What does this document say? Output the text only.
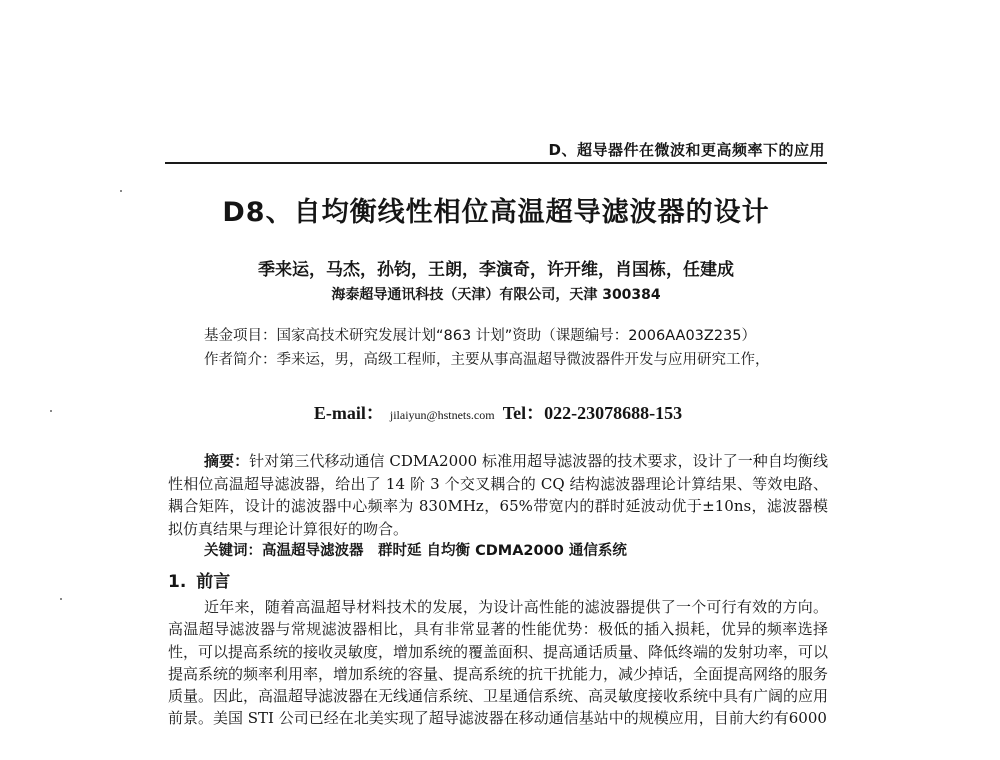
D、超导器件在微波和更高频率下的应用
D8、自均衡线性相位高温超导滤波器的设计
季来运，马杰，孙钧，王朗，李演奇，许开维，肖国栋，任建成
海泰超导通讯科技（天津）有限公司，天津 300384
基金项目：国家高技术研究发展计划“863 计划”资助（课题编号：2006AA03Z235）
作者简介：季来运，男，高级工程师，主要从事高温超导微波器件开发与应用研究工作，
E-mail： jilaiyun@hstnets.com Tel：022-23078688-153
摘要：针对第三代移动通信 CDMA2000 标准用超导滤波器的技术要求，设计了一种自均衡线性相位高温超导滤波器，给出了 14 阶 3 个交叉耦合的 CQ 结构滤波器理论计算结果、等效电路、耦合矩阵，设计的滤波器中心频率为 830MHz，65%带宽内的群时延波动优于±10ns，滤波器模拟仿真结果与理论计算很好的吻合。
关键词：高温超导滤波器　群时延 自均衡 CDMA2000 通信系统
1. 前言
近年来，随着高温超导材料技术的发展，为设计高性能的滤波器提供了一个可行有效的方向。高温超导滤波器与常规滤波器相比，具有非常显著的性能优势：极低的插入损耗，优异的频率选择性，可以提高系统的接收灵敏度，增加系统的覆盖面积、提高通话质量、降低终端的发射功率，可以提高系统的频率利用率，增加系统的容量、提高系统的抗干扰能力，减少掉话，全面提高网络的服务质量。因此，高温超导滤波器在无线通信系统、卫星通信系统、高灵敏度接收系统中具有广阔的应用前景。美国 STI 公司已经在北美实现了超导滤波器在移动通信基站中的规模应用，目前大约有6000
